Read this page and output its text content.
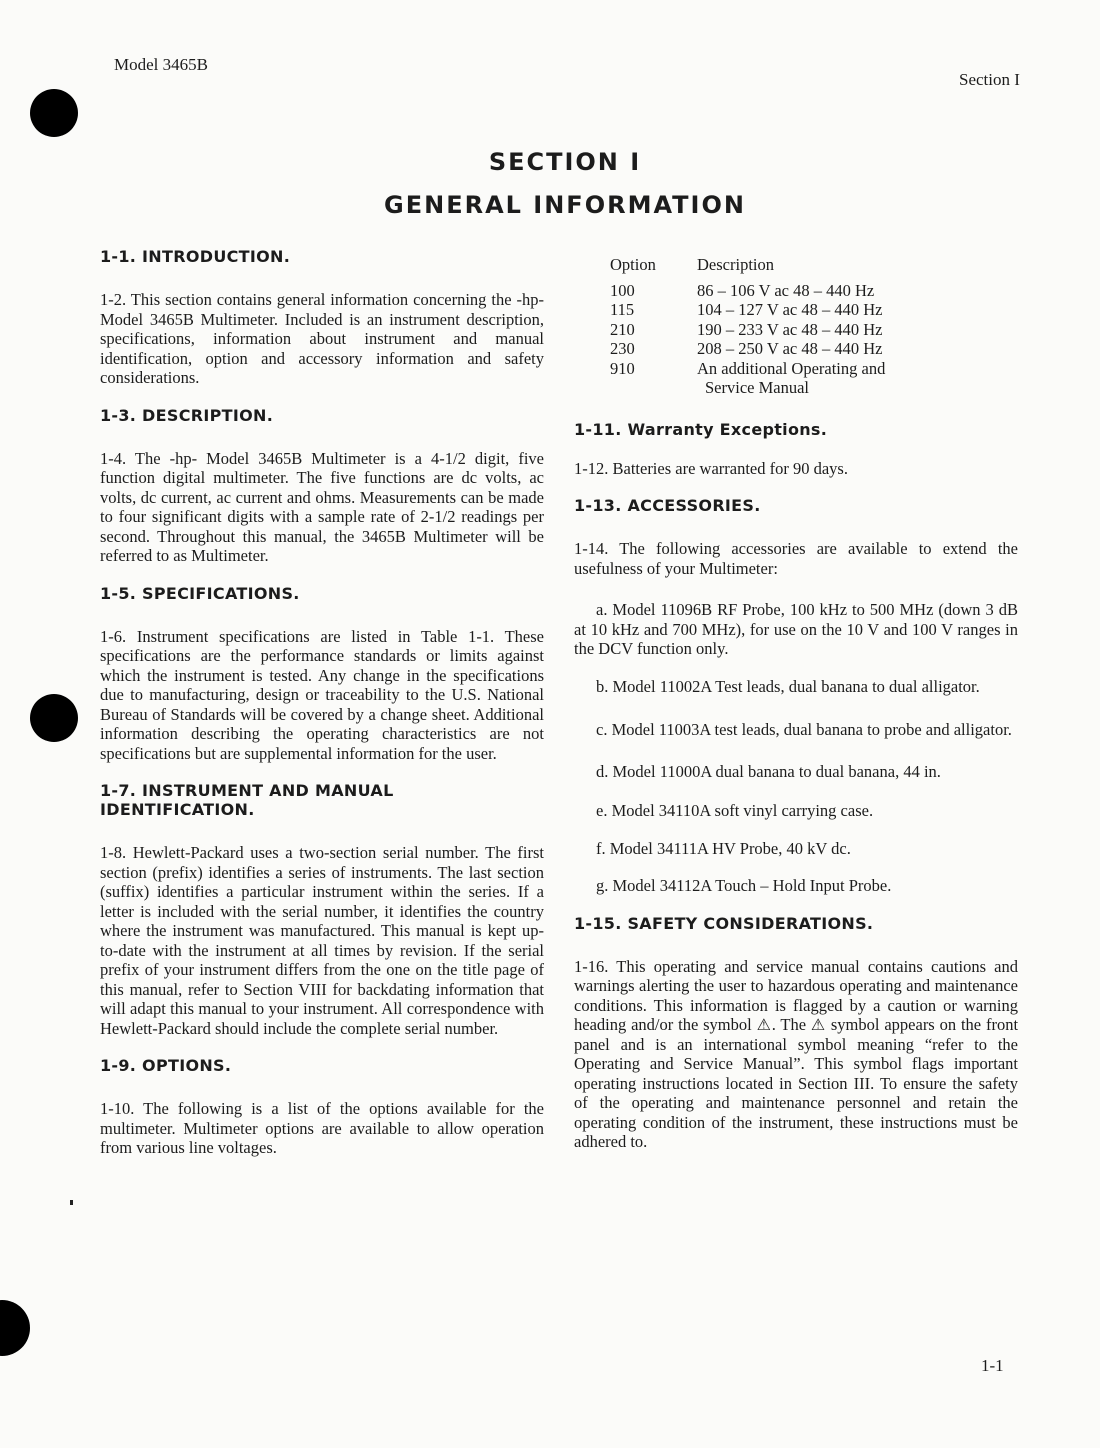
Model 3465B
Section I
SECTION I
GENERAL INFORMATION
1-1. INTRODUCTION.

1-2. This section contains general information concerning the -hp- Model 3465B Multimeter. Included is an instrument description, specifications, information about instrument and manual identification, option and accessory information and safety considerations.

1-3. DESCRIPTION.

1-4. The -hp- Model 3465B Multimeter is a 4-1/2 digit, five function digital multimeter. The five functions are dc volts, ac volts, dc current, ac current and ohms. Measurements can be made to four significant digits with a sample rate of 2-1/2 readings per second. Throughout this manual, the 3465B Multimeter will be referred to as Multimeter.

1-5. SPECIFICATIONS.

1-6. Instrument specifications are listed in Table 1-1. These specifications are the performance standards or limits against which the instrument is tested. Any change in the specifications due to manufacturing, design or traceability to the U.S. National Bureau of Standards will be covered by a change sheet. Additional information describing the operating characteristics are not specifications but are supplemental information for the user.

1-7. INSTRUMENT AND MANUAL IDENTIFICATION.

1-8. Hewlett-Packard uses a two-section serial number. The first section (prefix) identifies a series of instruments. The last section (suffix) identifies a particular instrument within the series. If a letter is included with the serial number, it identifies the country where the instrument was manufactured. This manual is kept up-to-date with the instrument at all times by revision. If the serial prefix of your instrument differs from the one on the title page of this manual, refer to Section VIII for backdating information that will adapt this manual to your instrument. All correspondence with Hewlett-Packard should include the complete serial number.

1-9. OPTIONS.

1-10. The following is a list of the options available for the multimeter. Multimeter options are available to allow operation from various line voltages.

Option	Description
100	86 – 106 V ac 48 – 440 Hz
115	104 – 127 V ac 48 – 440 Hz
210	190 – 233 V ac 48 – 440 Hz
230	208 – 250 V ac 48 – 440 Hz
910	An additional Operating and
Service Manual
1-11. Warranty Exceptions.

1-12. Batteries are warranted for 90 days.

1-13. ACCESSORIES.

1-14. The following accessories are available to extend the usefulness of your Multimeter:

a. Model 11096B RF Probe, 100 kHz to 500 MHz (down 3 dB at 10 kHz and 700 MHz), for use on the 10 V and 100 V ranges in the DCV function only.

b. Model 11002A Test leads, dual banana to dual alligator.

c. Model 11003A test leads, dual banana to probe and alligator.

d. Model 11000A dual banana to dual banana, 44 in.

e. Model 34110A soft vinyl carrying case.

f. Model 34111A HV Probe, 40 kV dc.

g. Model 34112A Touch – Hold Input Probe.

1-15. SAFETY CONSIDERATIONS.

1-16. This operating and service manual contains cautions and warnings alerting the user to hazardous operating and maintenance conditions. This information is flagged by a caution or warning heading and/or the symbol ⚠. The ⚠ symbol appears on the front panel and is an international symbol meaning “refer to the Operating and Service Manual”. This symbol flags important operating instructions located in Section III. To ensure the safety of the operating and maintenance personnel and retain the operating condition of the instrument, these instructions must be adhered to.

1-1
